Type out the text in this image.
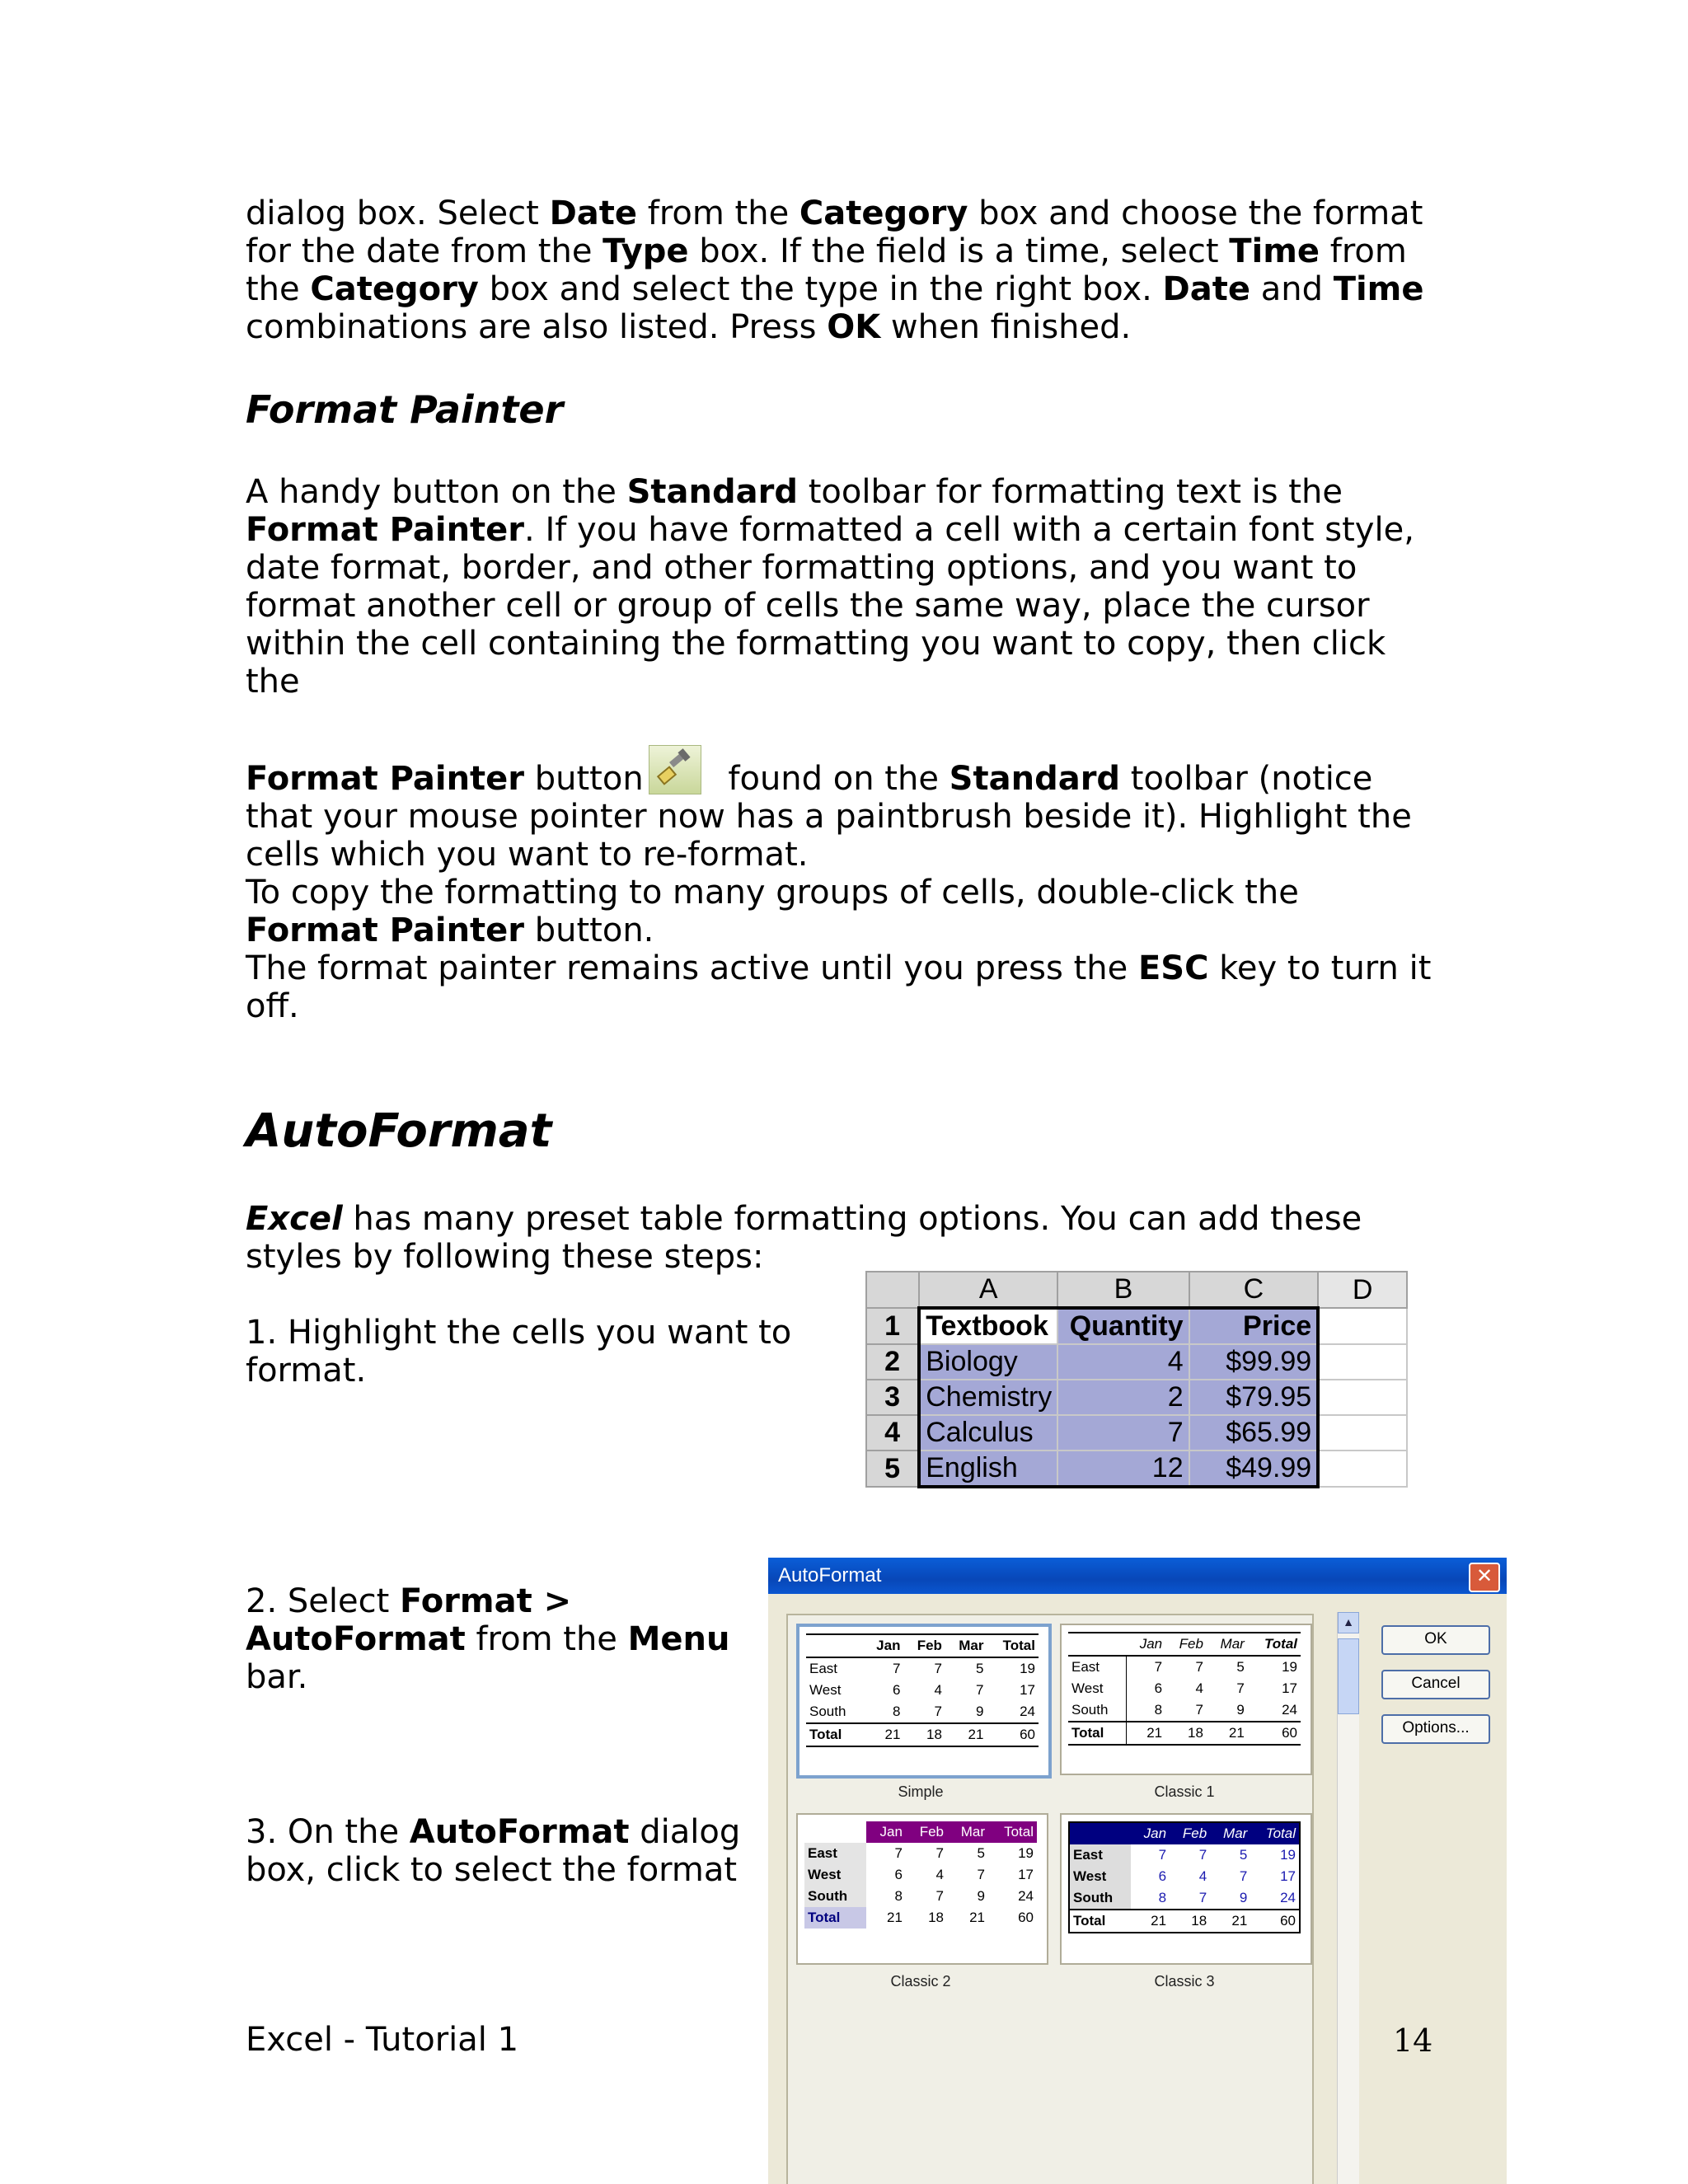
dialog box. Select Date from the Category box and choose the format for the date from the Type box. If the field is a time, select Time from the Category box and select the type in the right box. Date and Time combinations are also listed. Press OK when finished.

Format Painter

A handy button on the Standard toolbar for formatting text is the Format Painter. If you have formatted a cell with a certain font style, date format, border, and other formatting options, and you want to format another cell or group of cells the same way, place the cursor within the cell containing the formatting you want to copy, then click the

Format Painter button
found on the Standard toolbar (notice that your mouse pointer now has a paintbrush beside it). Highlight the cells which you want to re-format.
To copy the formatting to many groups of cells, double-click the Format Painter button.
The format painter remains active until you press the ESC key to turn it off.

AutoFormat

Excel has many preset table formatting options. You can add these styles by following these steps:

1. Highlight the cells you want to format.

2. Select Format > AutoFormat from the Menu bar.

3. On the AutoFormat dialog box, click to select the format

	A	B	C	D
1	Textbook	Quantity	Price	
2	Biology	4	$99.99	
3	Chemistry	2	$79.95	
4	Calculus	7	$65.99	
5	English	12	$49.99	
AutoFormat	✕
	Jan	Feb	Mar	Total
East	7	7	5	19
West	6	4	7	17
South	8	7	9	24
Total	21	18	21	60
Simple
	Jan	Feb	Mar	Total
East	7	7	5	19
West	6	4	7	17
South	8	7	9	24
Total	21	18	21	60
Classic 1
	Jan	Feb	Mar	Total
East	7	7	5	19
West	6	4	7	17
South	8	7	9	24
Total	21	18	21	60
Classic 2
	Jan	Feb	Mar	Total
East	7	7	5	19
West	6	4	7	17
South	8	7	9	24
Total	21	18	21	60
Classic 3
▲
OK
Cancel
Options...
Excel - Tutorial 1	14
